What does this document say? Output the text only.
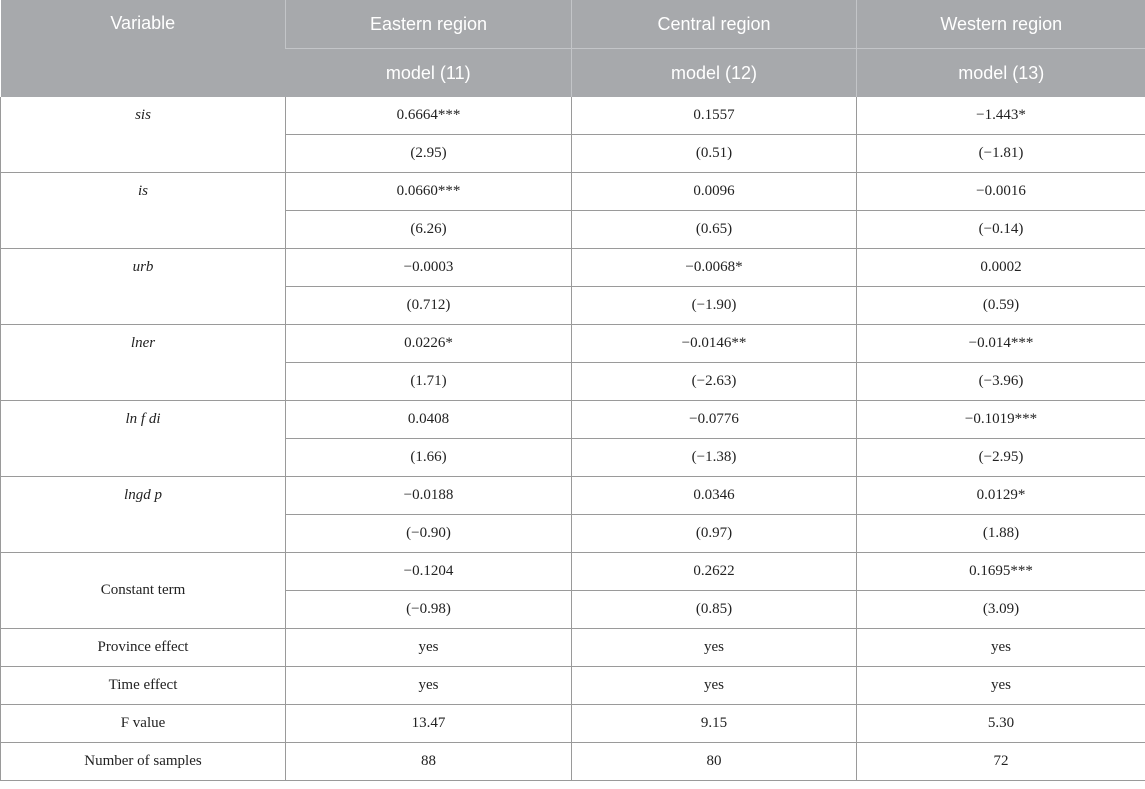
Variable	Eastern region	Central region	Western region
	model (11)	model (12)	model (13)
sis	0.6664***	0.1557	−1.443*
	(2.95)	(0.51)	(−1.81)
is	0.0660***	0.0096	−0.0016
	(6.26)	(0.65)	(−0.14)
urb	−0.0003	−0.0068*	0.0002
	(0.712)	(−1.90)	(0.59)
lner	0.0226*	−0.0146**	−0.014***
	(1.71)	(−2.63)	(−3.96)
ln f di	0.0408	−0.0776	−0.1019***
	(1.66)	(−1.38)	(−2.95)
lngd p	−0.0188	0.0346	0.0129*
	(−0.90)	(0.97)	(1.88)
Constant term	−0.1204	0.2622	0.1695***
	(−0.98)	(0.85)	(3.09)
Province effect	yes	yes	yes
Time effect	yes	yes	yes
F value	13.47	9.15	5.30
Number of samples	88	80	72
